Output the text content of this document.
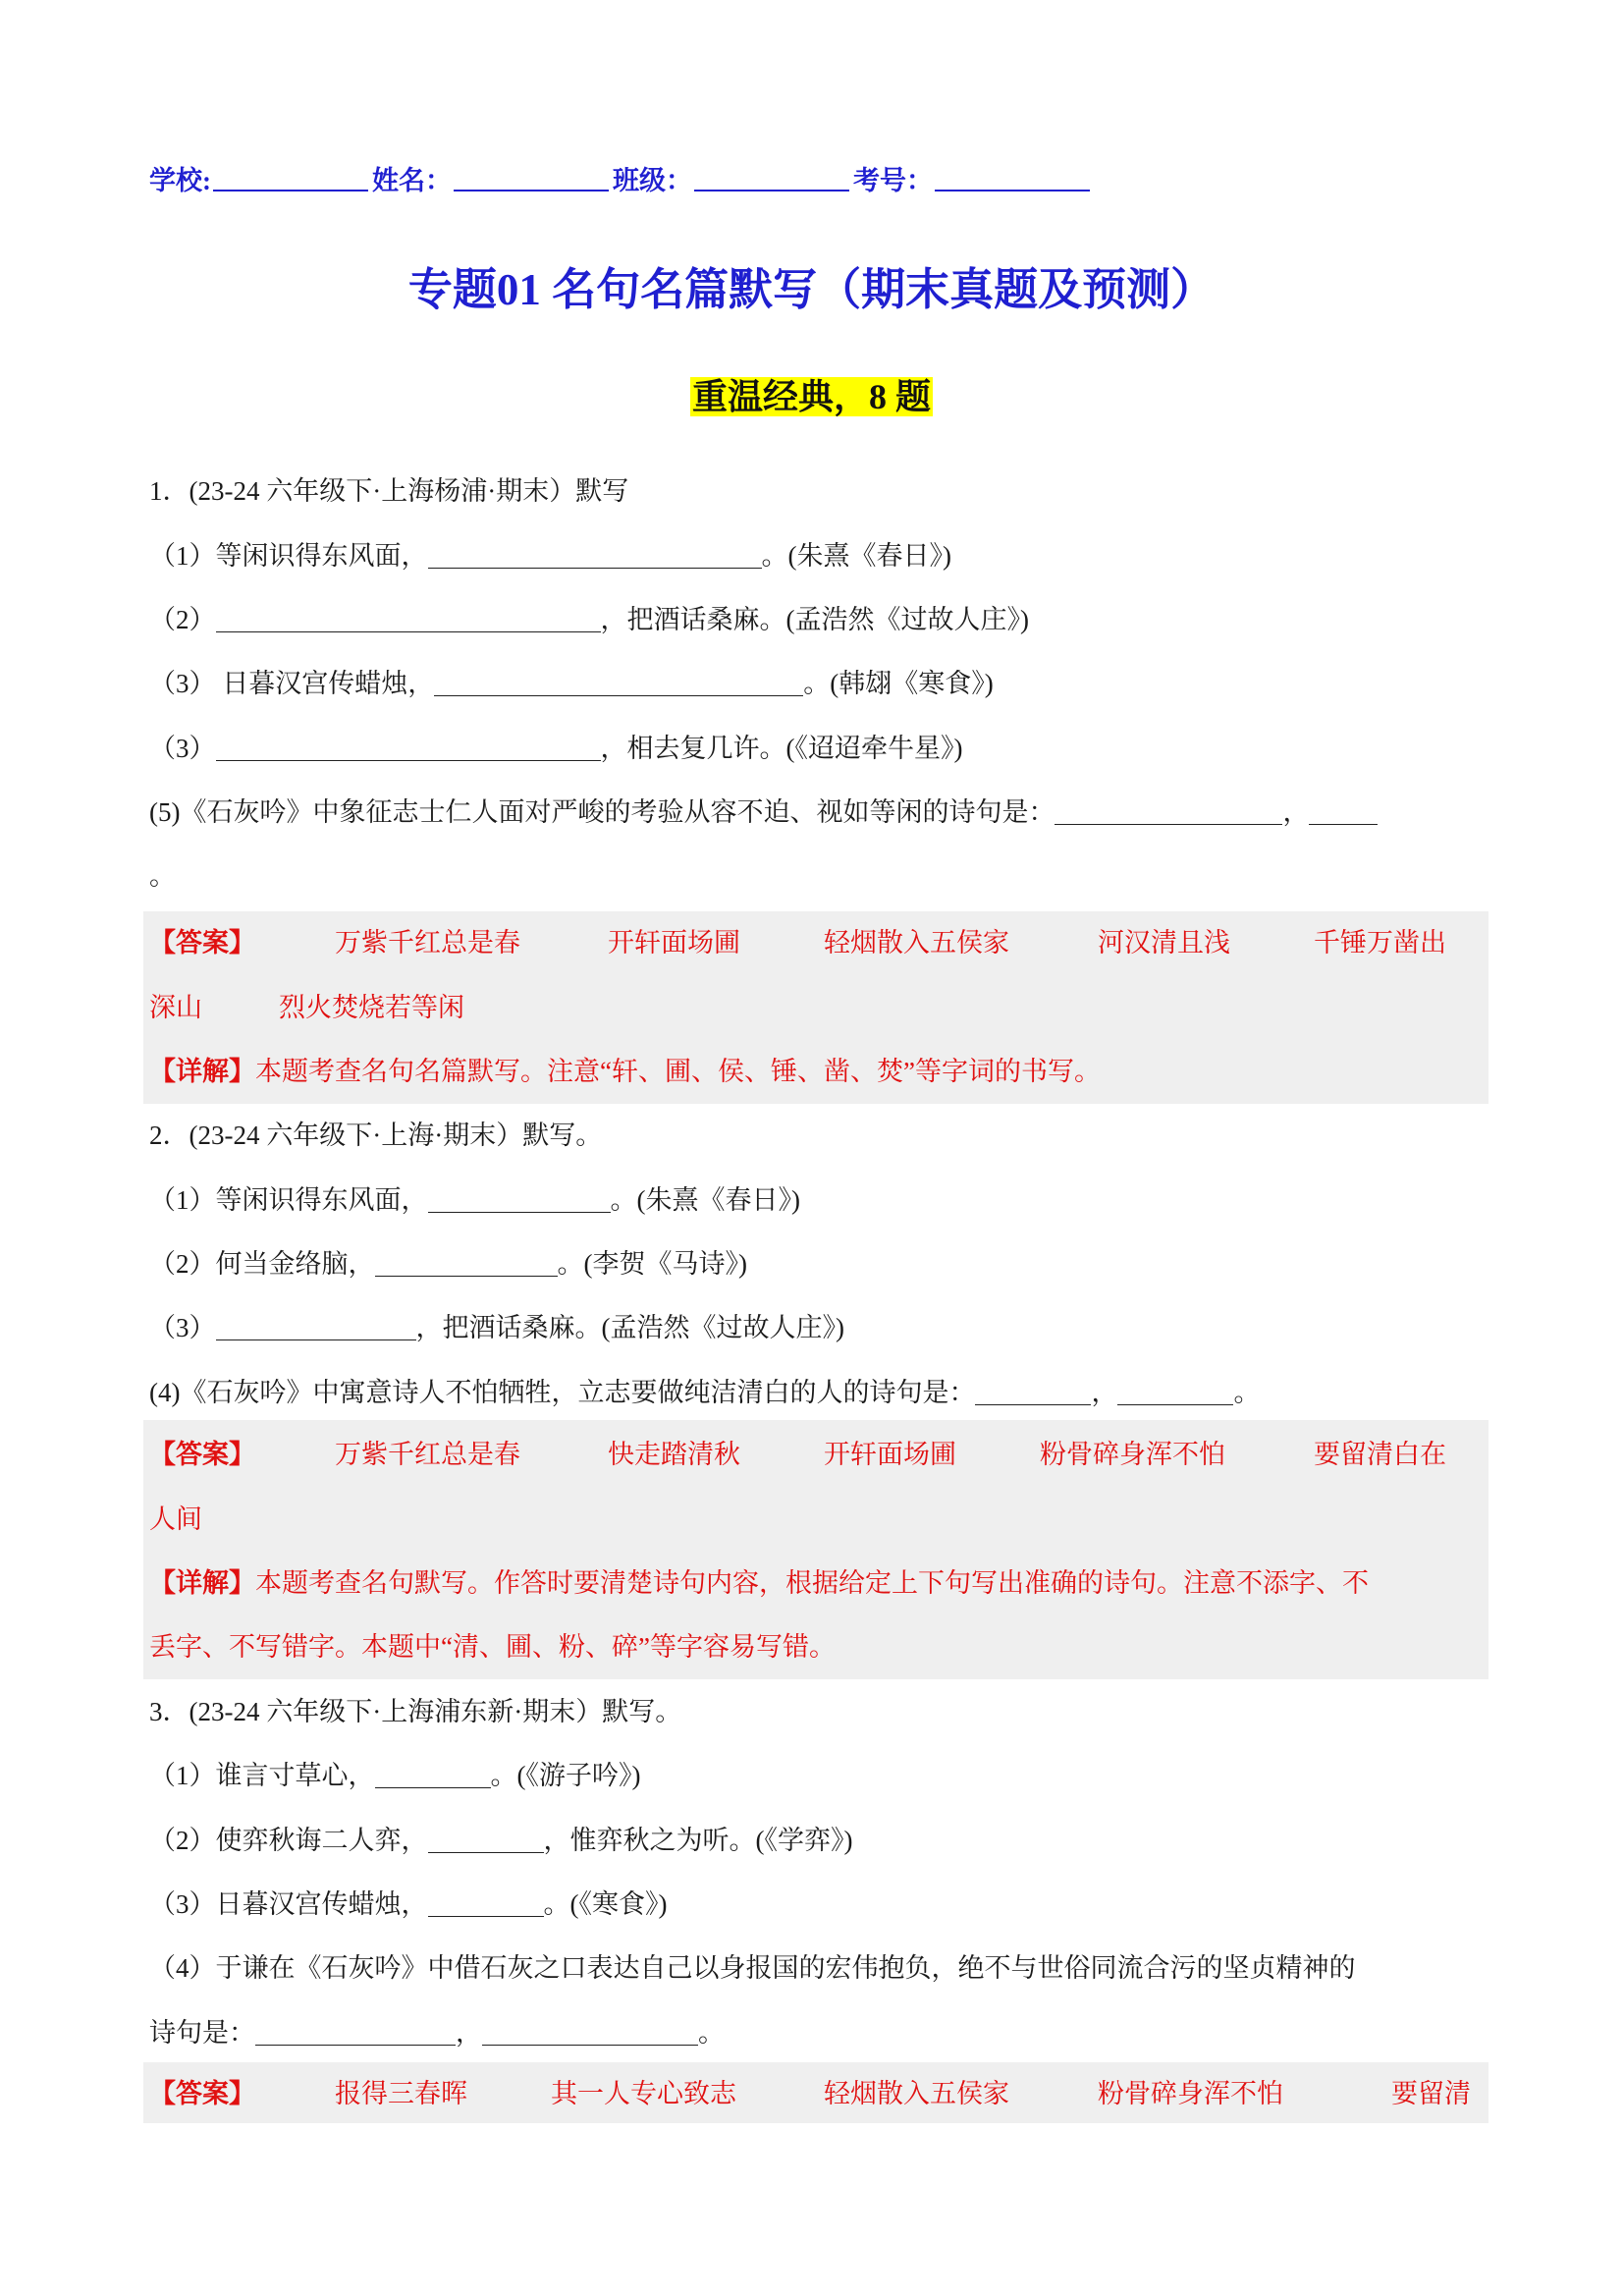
学校:	姓名：	班级：	考号：
专题01 名句名篇默写（期末真题及预测）
重温经典，8 题
1．(23-24 六年级下·上海杨浦·期末）默写
（1）等闲识得东风面，	。(朱熹《春日》)
（2）	，把酒话桑麻。(孟浩然《过故人庄》)
（3） 日暮汉宫传蜡烛，	。(韩翃《寒食》)
（3）	，相去复几许。(《迢迢牵牛星》)
(5)《石灰吟》中象征志士仁人面对严峻的考验从容不迫、视如等闲的诗句是：	，
。
【答案】	万紫千红总是春	开轩面场圃	轻烟散入五侯家	河汉清且浅	千锤万凿出
深山	烈火焚烧若等闲
【详解】本题考查名句名篇默写。注意“轩、圃、侯、锤、凿、焚”等字词的书写。
2．(23-24 六年级下·上海·期末）默写。
（1）等闲识得东风面，	。(朱熹《春日》)
（2）何当金络脑，	。(李贺《马诗》)
（3）	，把酒话桑麻。(孟浩然《过故人庄》)
(4)《石灰吟》中寓意诗人不怕牺牲，立志要做纯洁清白的人的诗句是：	，	。
【答案】	万紫千红总是春	快走踏清秋	开轩面场圃	粉骨碎身浑不怕	要留清白在
人间
【详解】本题考查名句默写。作答时要清楚诗句内容，根据给定上下句写出准确的诗句。注意不添字、不
丢字、不写错字。本题中“清、圃、粉、碎”等字容易写错。
3．(23-24 六年级下·上海浦东新·期末）默写。
（1）谁言寸草心，	。(《游子吟》)
（2）使弈秋诲二人弈，	，惟弈秋之为听。(《学弈》)
（3）日暮汉宫传蜡烛，	。(《寒食》)
（4）于谦在《石灰吟》中借石灰之口表达自己以身报国的宏伟抱负，绝不与世俗同流合污的坚贞精神的
诗句是：	，	。
【答案】	报得三春晖	其一人专心致志	轻烟散入五侯家	粉骨碎身浑不怕	要留清
